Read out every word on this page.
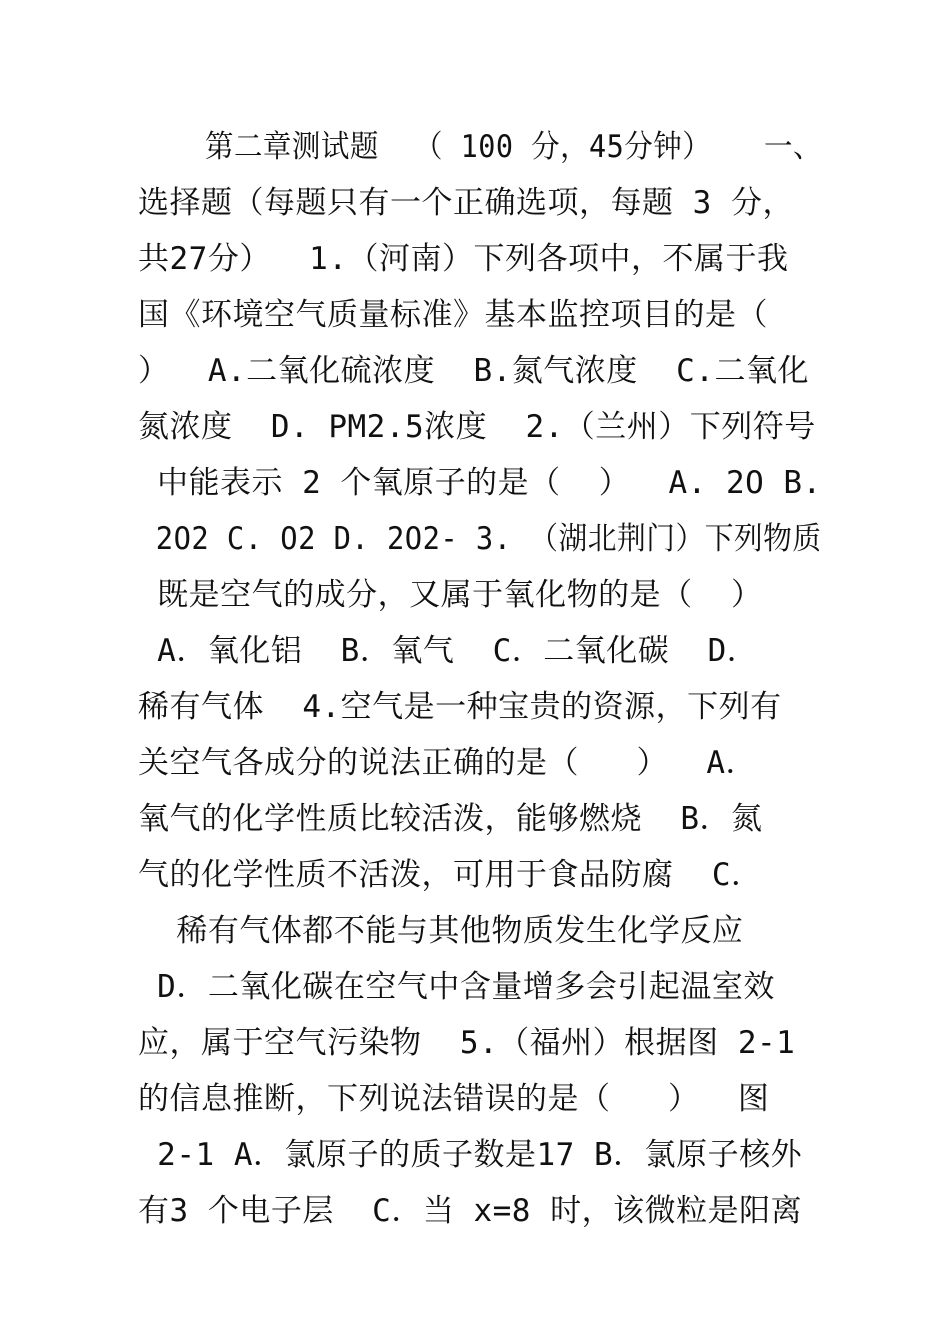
第二章测试题  （ 100 分，45分钟）   一、
选择题（每题只有一个正确选项，每题 3 分，
共27分）  1.（河南）下列各项中，不属于我
国《环境空气质量标准》基本监控项目的是（
）  A.二氧化硫浓度  B.氮气浓度  C.二氧化
氮浓度  D. PM2.5浓度  2.（兰州）下列符号
中能表示 2 个氧原子的是（  ）  A. 2O B.
2O2 C. O2 D. 2O2- 3. （湖北荆门）下列物质
既是空气的成分，又属于氧化物的是（  ）
A．氧化铝  B．氧气  C．二氧化碳  D．
稀有气体  4.空气是一种宝贵的资源，下列有
关空气各成分的说法正确的是（   ）  A．
氧气的化学性质比较活泼，能够燃烧  B．氮
气的化学性质不活泼，可用于食品防腐  C．
稀有气体都不能与其他物质发生化学反应
D．二氧化碳在空气中含量增多会引起温室效
应，属于空气污染物  5.（福州）根据图 2-1
的信息推断，下列说法错误的是（   ）  图
2-1 A．氯原子的质子数是17 B．氯原子核外
有3 个电子层  C．当 x=8 时，该微粒是阳离
